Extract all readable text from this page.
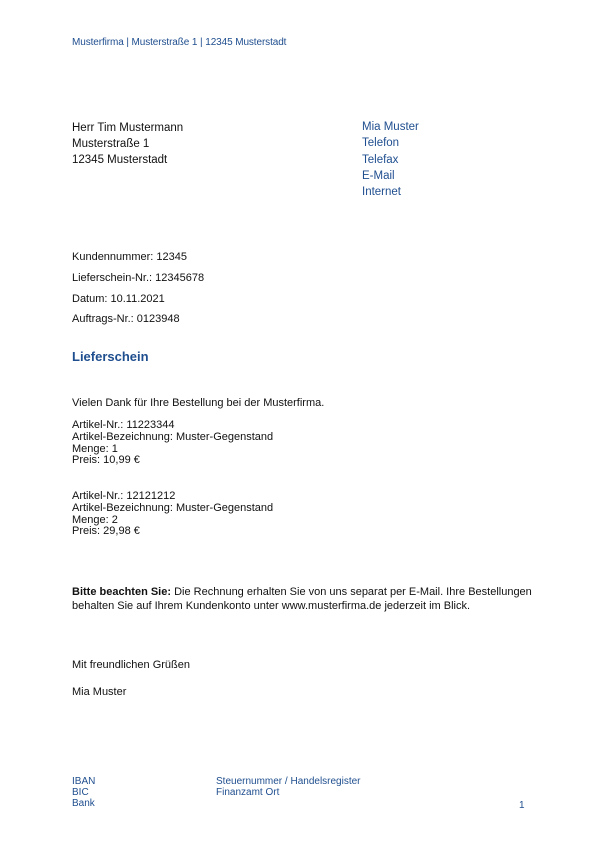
Musterfirma | Musterstraße 1 | 12345 Musterstadt
Herr Tim Mustermann
Musterstraße 1
12345 Musterstadt
Mia Muster
Telefon
Telefax
E-Mail
Internet
Kundennummer: 12345
Lieferschein-Nr.: 12345678
Datum: 10.11.2021
Auftrags-Nr.: 0123948
Lieferschein
Vielen Dank für Ihre Bestellung bei der Musterfirma.
Artikel-Nr.: 11223344
Artikel-Bezeichnung: Muster-Gegenstand
Menge: 1
Preis: 10,99 €
Artikel-Nr.: 12121212
Artikel-Bezeichnung: Muster-Gegenstand
Menge: 2
Preis: 29,98 €
Bitte beachten Sie: Die Rechnung erhalten Sie von uns separat per E-Mail. Ihre Bestellungen behalten Sie auf Ihrem Kundenkonto unter www.musterfirma.de jederzeit im Blick.
Mit freundlichen Grüßen
Mia Muster
IBAN
BIC
Bank
Steuernummer / Handelsregister
Finanzamt Ort
1
